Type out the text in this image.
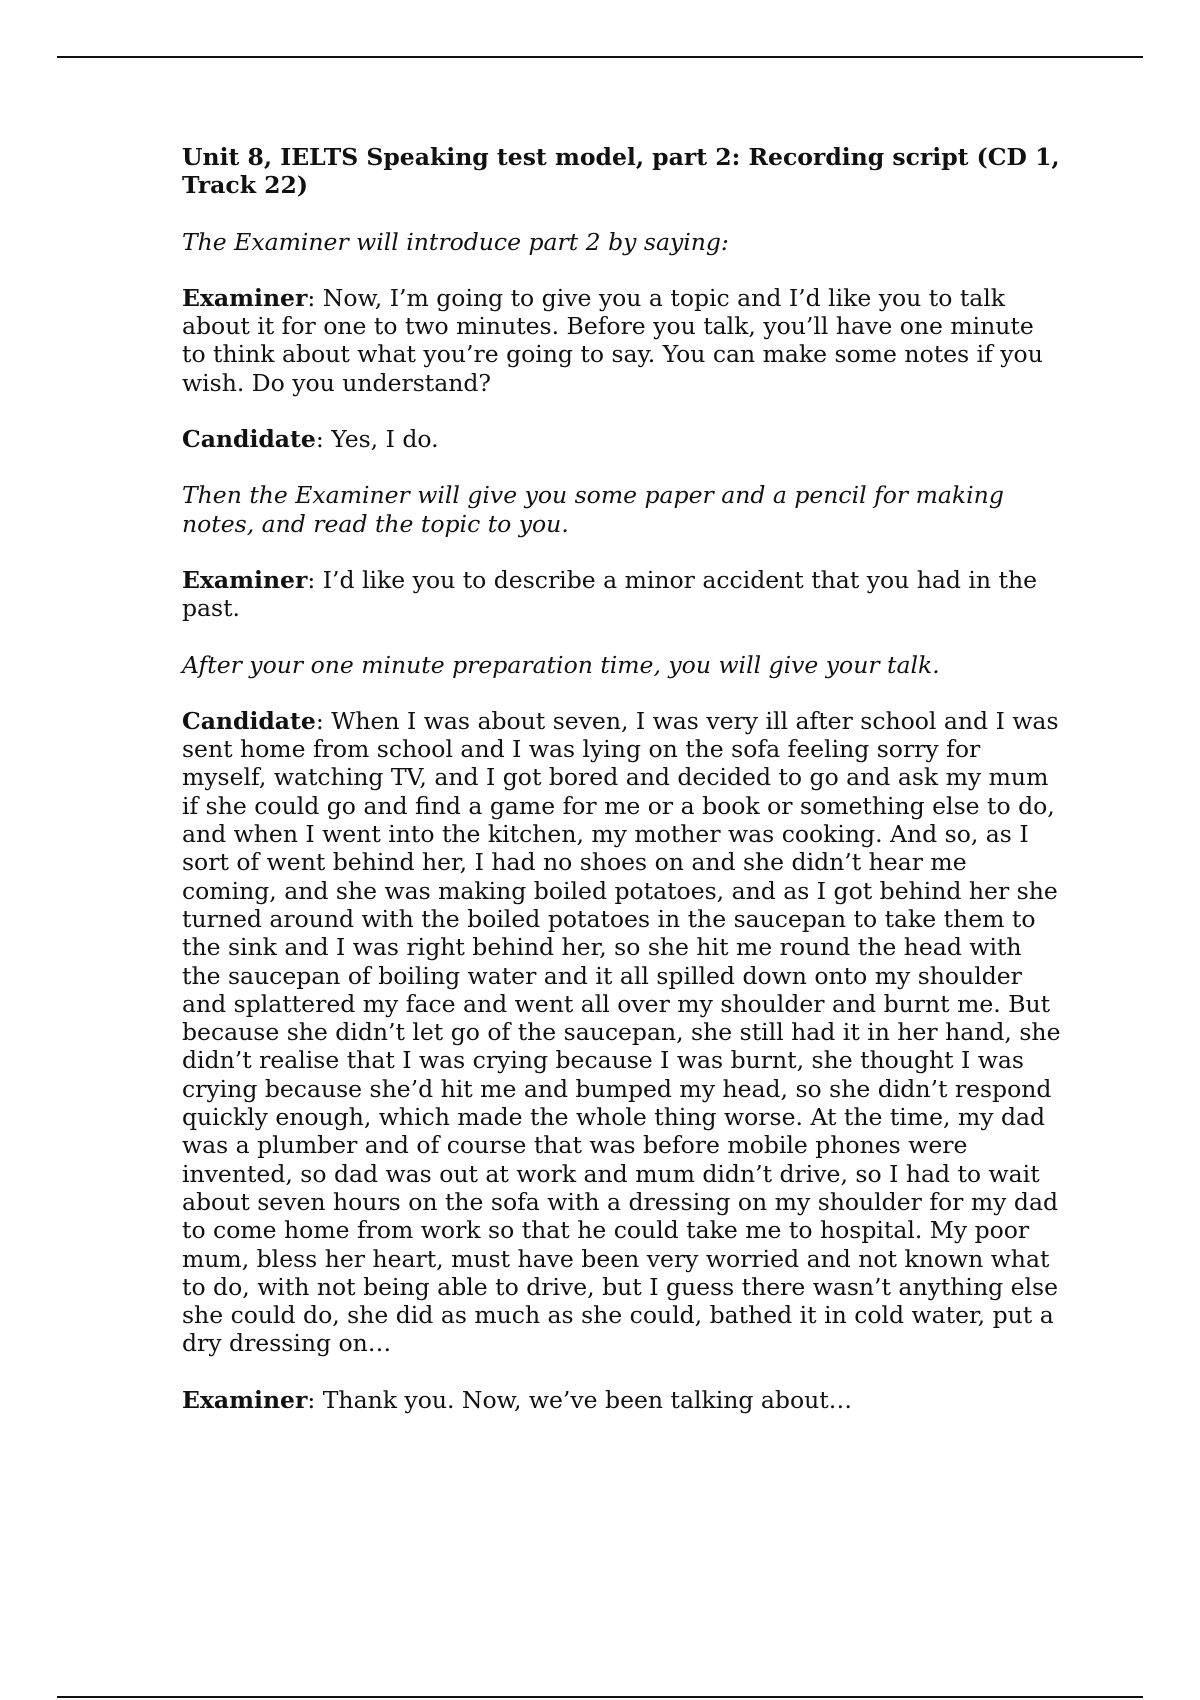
Unit 8, IELTS Speaking test model, part 2: Recording script (CD 1, Track 22)

The Examiner will introduce part 2 by saying:

Examiner: Now, I’m going to give you a topic and I’d like you to talk about it for one to two minutes. Before you talk, you’ll have one minute to think about what you’re going to say. You can make some notes if you wish. Do you understand?

Candidate: Yes, I do.

Then the Examiner will give you some paper and a pencil for making notes, and read the topic to you.

Examiner: I’d like you to describe a minor accident that you had in the past.

After your one minute preparation time, you will give your talk.

Candidate: When I was about seven, I was very ill after school and I was sent home from school and I was lying on the sofa feeling sorry for myself, watching TV, and I got bored and decided to go and ask my mum if she could go and find a game for me or a book or something else to do, and when I went into the kitchen, my mother was cooking. And so, as I sort of went behind her, I had no shoes on and she didn’t hear me coming, and she was making boiled potatoes, and as I got behind her she turned around with the boiled potatoes in the saucepan to take them to the sink and I was right behind her, so she hit me round the head with the saucepan of boiling water and it all spilled down onto my shoulder and splattered my face and went all over my shoulder and burnt me. But because she didn’t let go of the saucepan, she still had it in her hand, she didn’t realise that I was crying because I was burnt, she thought I was crying because she’d hit me and bumped my head, so she didn’t respond quickly enough, which made the whole thing worse. At the time, my dad was a plumber and of course that was before mobile phones were invented, so dad was out at work and mum didn’t drive, so I had to wait about seven hours on the sofa with a dressing on my shoulder for my dad to come home from work so that he could take me to hospital. My poor mum, bless her heart, must have been very worried and not known what to do, with not being able to drive, but I guess there wasn’t anything else she could do, she did as much as she could, bathed it in cold water, put a dry dressing on…

Examiner: Thank you. Now, we’ve been talking about…
